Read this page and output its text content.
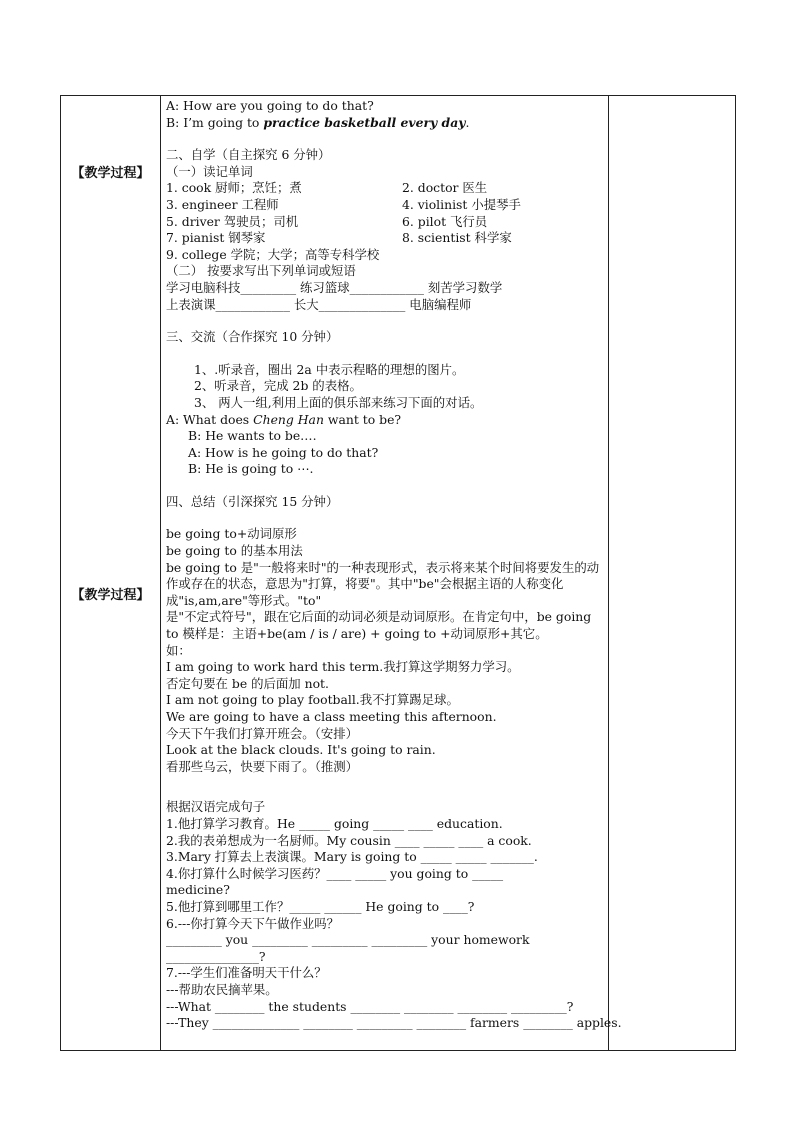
【教学过程】
【教学过程】
A: How are you going to do that?
B: I’m going to practice basketball every day.
二、自学（自主探究 6 分钟）
（一）读记单词
1. cook 厨师；烹饪；煮	2. doctor 医生
3. engineer 工程师	4. violinist 小提琴手
5. driver 驾驶员；司机	6. pilot 飞行员
7. pianist 钢琴家	8. scientist 科学家
9. college 学院；大学；高等专科学校
（二） 按要求写出下列单词或短语
学习电脑科技_________ 练习篮球____________ 刻苦学习数学
上表演课____________ 长大______________ 电脑编程师
三、交流（合作探究 10 分钟）
1、.听录音，圈出 2a 中表示程略的理想的图片。
2、听录音，完成 2b 的表格。
3、 两人一组,利用上面的俱乐部来练习下面的对话。
A: What does Cheng Han want to be?
B: He wants to be….
A: How is he going to do that?
B: He is going to ⋯.
四、总结（引深探究 15 分钟）
be going to+动词原形
be going to 的基本用法
be going to 是"一般将来时"的一种表现形式，表示将来某个时间将要发生的动作或存在的状态，意思为"打算，将要"。其中"be"会根据主语的人称变化成"is,am,are"等形式。"to"
是"不定式符号"，跟在它后面的动词必须是动词原形。在肯定句中，be going to 模样是：主语+be(am / is / are) + going to +动词原形+其它。
如：
I am going to work hard this term.我打算这学期努力学习。
否定句要在 be 的后面加 not.
I am not going to play football.我不打算踢足球。
We are going to have a class meeting this afternoon.
今天下午我们打算开班会。（安排）
Look at the black clouds. It's going to rain.
看那些乌云，快要下雨了。（推测）
根据汉语完成句子
1.他打算学习教育。He _____ going _____ ____ education.
2.我的表弟想成为一名厨师。My cousin ____ _____ ____ a cook.
3.Mary 打算去上表演课。Mary is going to _____ _____ _______.
4.你打算什么时候学习医药？____ _____ you going to _____
medicine?
5.他打算到哪里工作？_____ ______ He going to ____?
6.---你打算今天下午做作业吗？
_________ you _________ _________ _________ your homework
_______________?
7.---学生们准备明天干什么？
---帮助农民摘苹果。
---What ________ the students ________ ________ ________ _________?
---They ______________ ________ _________ ________ farmers ________ apples.
